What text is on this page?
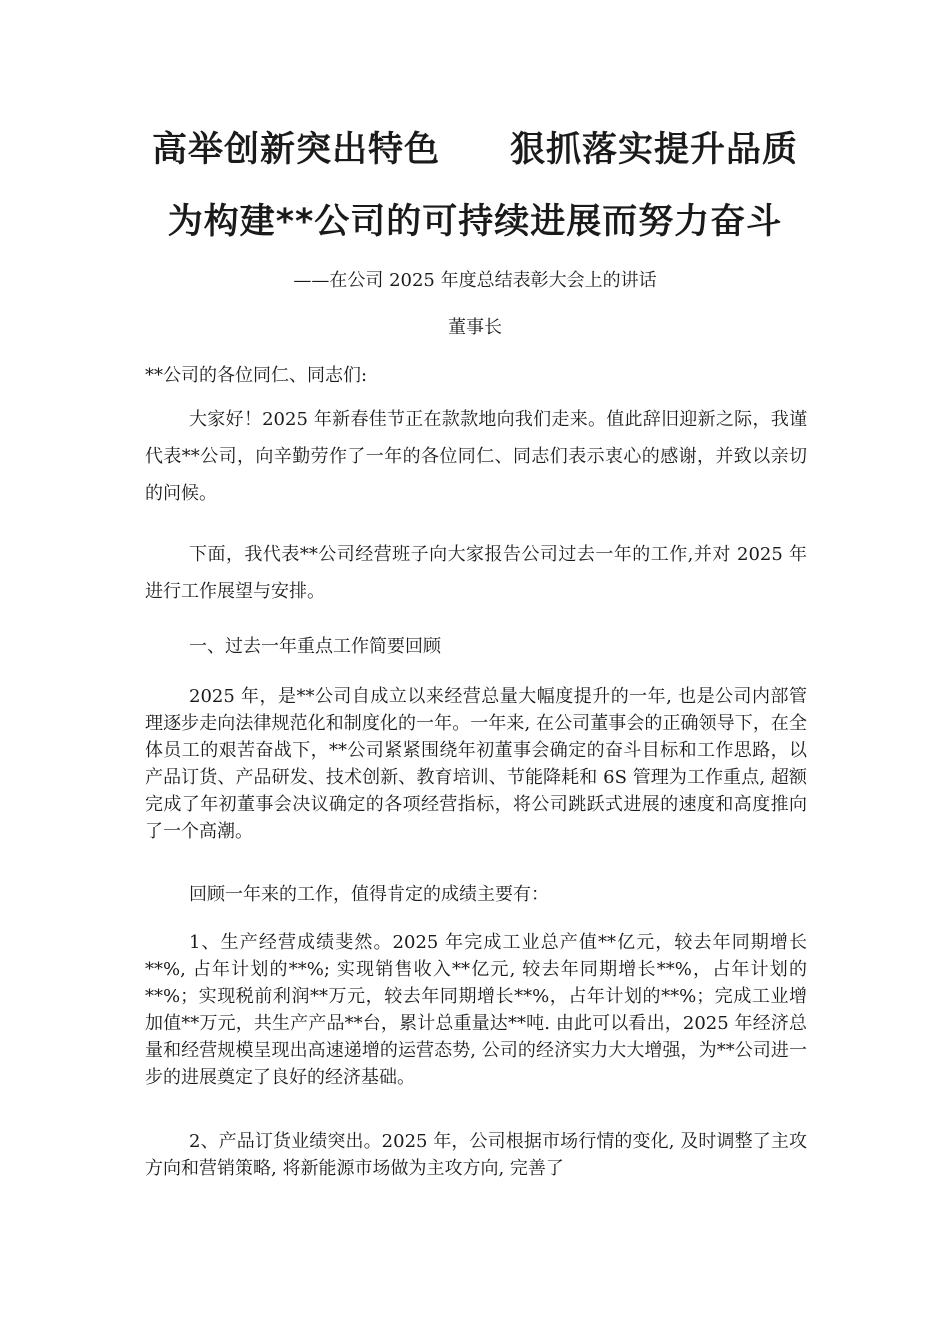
高举创新突出特色 狠抓落实提升品质
为构建**公司的可持续进展而努力奋斗
——在公司 2025 年度总结表彰大会上的讲话
董事长

**公司的各位同仁、同志们:

大家好！2025 年新春佳节正在款款地向我们走来。值此辞旧迎新之际，我谨代表**公司，向辛勤劳作了一年的各位同仁、同志们表示衷心的感谢，并致以亲切的问候。

下面，我代表**公司经营班子向大家报告公司过去一年的工作,并对 2025 年进行工作展望与安排。

一、过去一年重点工作简要回顾

2025 年，是**公司自成立以来经营总量大幅度提升的一年, 也是公司内部管理逐步走向法律规范化和制度化的一年。一年来, 在公司董事会的正确领导下，在全体员工的艰苦奋战下，**公司紧紧围绕年初董事会确定的奋斗目标和工作思路，以产品订货、产品研发、技术创新、教育培训、节能降耗和 6S 管理为工作重点, 超额完成了年初董事会决议确定的各项经营指标，将公司跳跃式进展的速度和高度推向了一个高潮。

回顾一年来的工作，值得肯定的成绩主要有：

1、生产经营成绩斐然。2025 年完成工业总产值**亿元，较去年同期增长**%, 占年计划的**%; 实现销售收入**亿元, 较去年同期增长**%，占年计划的**%；实现税前利润**万元，较去年同期增长**%，占年计划的**%；完成工业增加值**万元，共生产产品**台，累计总重量达**吨. 由此可以看出，2025 年经济总量和经营规模呈现出高速递增的运营态势, 公司的经济实力大大增强，为**公司进一步的进展奠定了良好的经济基础。

2、产品订货业绩突出。2025 年，公司根据市场行情的变化, 及时调整了主攻方向和营销策略, 将新能源市场做为主攻方向, 完善了
